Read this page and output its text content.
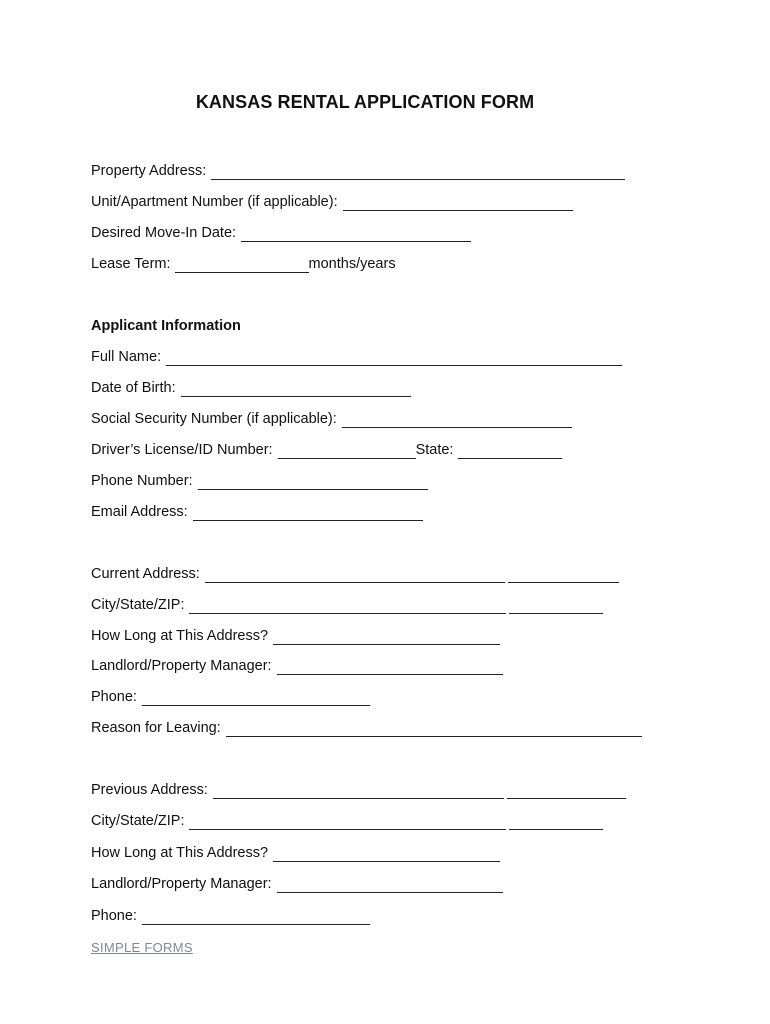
KANSAS RENTAL APPLICATION FORM
Property Address:
Unit/Apartment Number (if applicable):
Desired Move-In Date:
Lease Term:	months/years
Applicant Information
Full Name:
Date of Birth:
Social Security Number (if applicable):
Driver’s License/ID Number:	State:
Phone Number:
Email Address:
Current Address:
City/State/ZIP:
How Long at This Address?
Landlord/Property Manager:
Phone:
Reason for Leaving:
Previous Address:
City/State/ZIP:
How Long at This Address?
Landlord/Property Manager:
Phone:
SIMPLE FORMS
